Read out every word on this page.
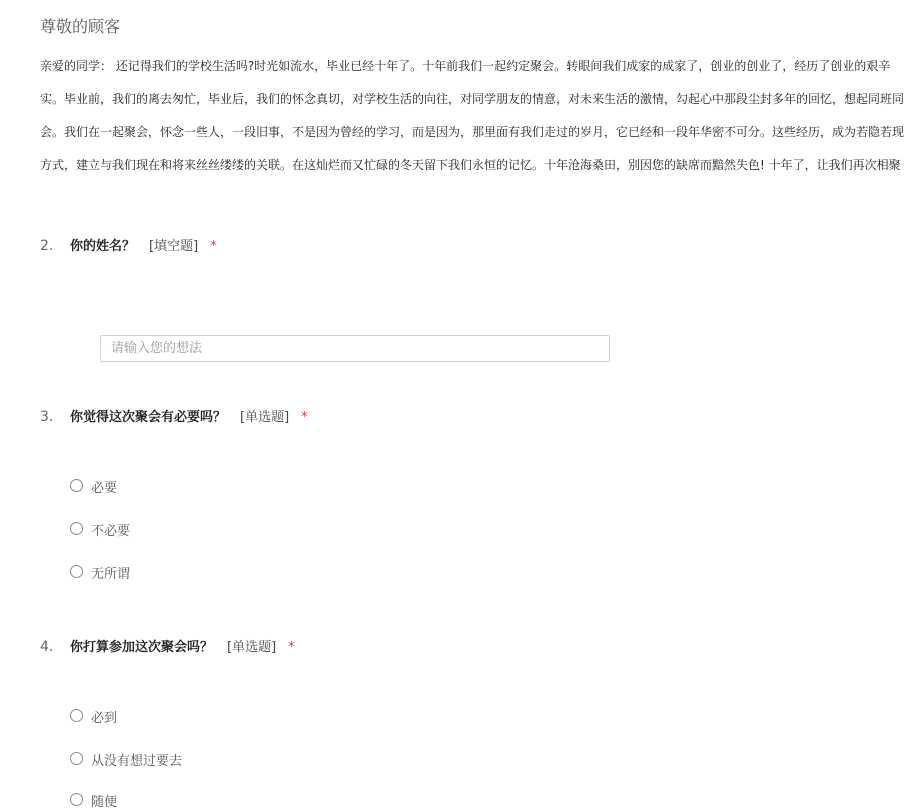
尊敬的顾客
亲爱的同学： 还记得我们的学校生活吗?时光如流水，毕业已经十年了。十年前我们一起约定聚会。转眼间我们成家的成家了，创业的创业了，经历了创业的艰辛
实。毕业前，我们的离去匆忙，毕业后，我们的怀念真切，对学校生活的向往，对同学朋友的情意，对未来生活的激情，勾起心中那段尘封多年的回忆，想起同班同
会。我们在一起聚会，怀念一些人，一段旧事，不是因为曾经的学习，而是因为，那里面有我们走过的岁月，它已经和一段年华密不可分。这些经历，成为若隐若现
方式，建立与我们现在和将来丝丝缕缕的关联。在这灿烂而又忙碌的冬天留下我们永恒的记忆。十年沧海桑田，别因您的缺席而黯然失色! 十年了，让我们再次相聚
2. 你的姓名？ [填空题] *
请输入您的想法
3. 你觉得这次聚会有必要吗？ [单选题] *
必要
不必要
无所谓
4. 你打算参加这次聚会吗？ [单选题] *
必到
从没有想过要去
随便
